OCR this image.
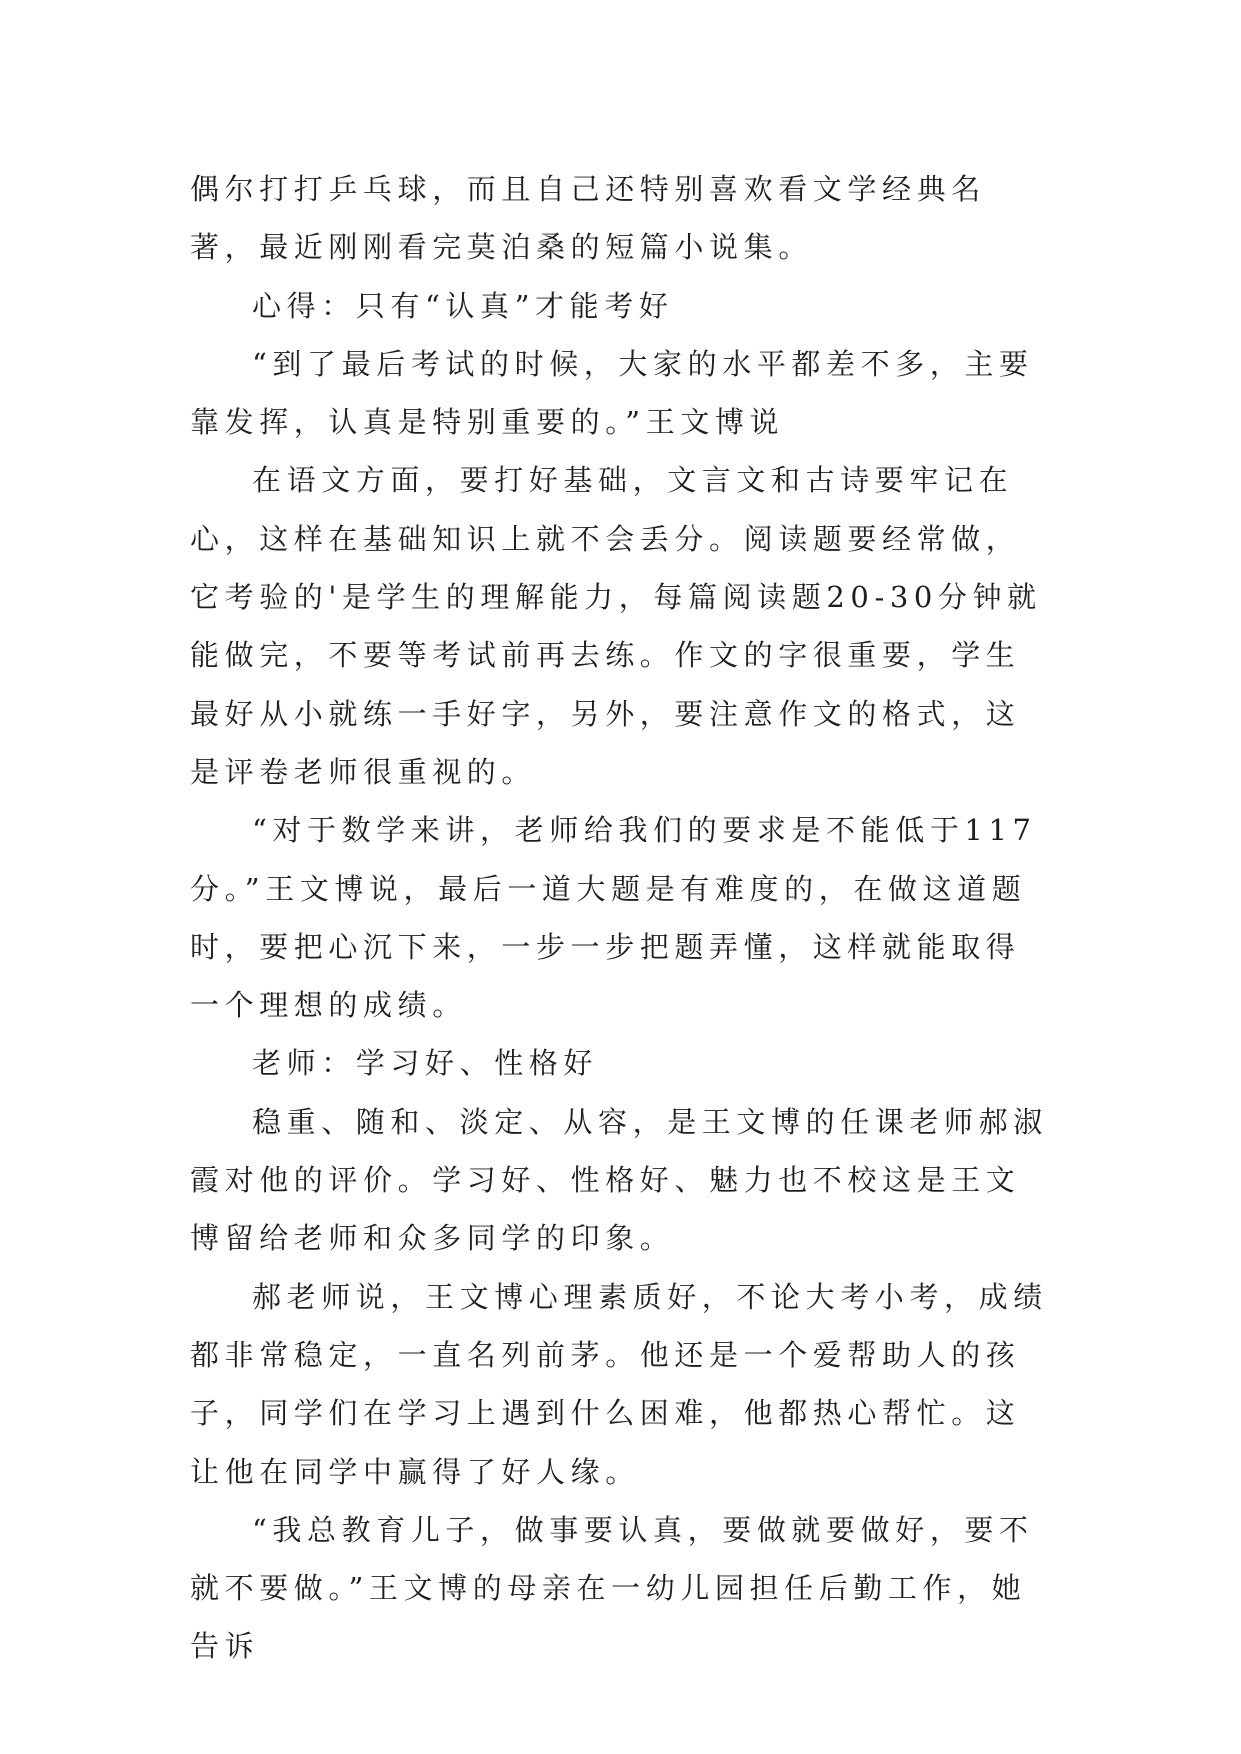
偶尔打打乒乓球，而且自己还特别喜欢看文学经典名著，最近刚刚看完莫泊桑的短篇小说集。

心得：只有“认真”才能考好

“到了最后考试的时候，大家的水平都差不多，主要靠发挥，认真是特别重要的。”王文博说

在语文方面，要打好基础，文言文和古诗要牢记在心，这样在基础知识上就不会丢分。阅读题要经常做，它考验的'是学生的理解能力，每篇阅读题20-30分钟就能做完，不要等考试前再去练。作文的字很重要，学生最好从小就练一手好字，另外，要注意作文的格式，这是评卷老师很重视的。

“对于数学来讲，老师给我们的要求是不能低于117分。”王文博说，最后一道大题是有难度的，在做这道题时，要把心沉下来，一步一步把题弄懂，这样就能取得一个理想的成绩。

老师：学习好、性格好

稳重、随和、淡定、从容，是王文博的任课老师郝淑霞对他的评价。学习好、性格好、魅力也不校这是王文博留给老师和众多同学的印象。

郝老师说，王文博心理素质好，不论大考小考，成绩都非常稳定，一直名列前茅。他还是一个爱帮助人的孩子，同学们在学习上遇到什么困难，他都热心帮忙。这让他在同学中赢得了好人缘。

“我总教育儿子，做事要认真，要做就要做好，要不就不要做。”王文博的母亲在一幼儿园担任后勤工作，她告诉
